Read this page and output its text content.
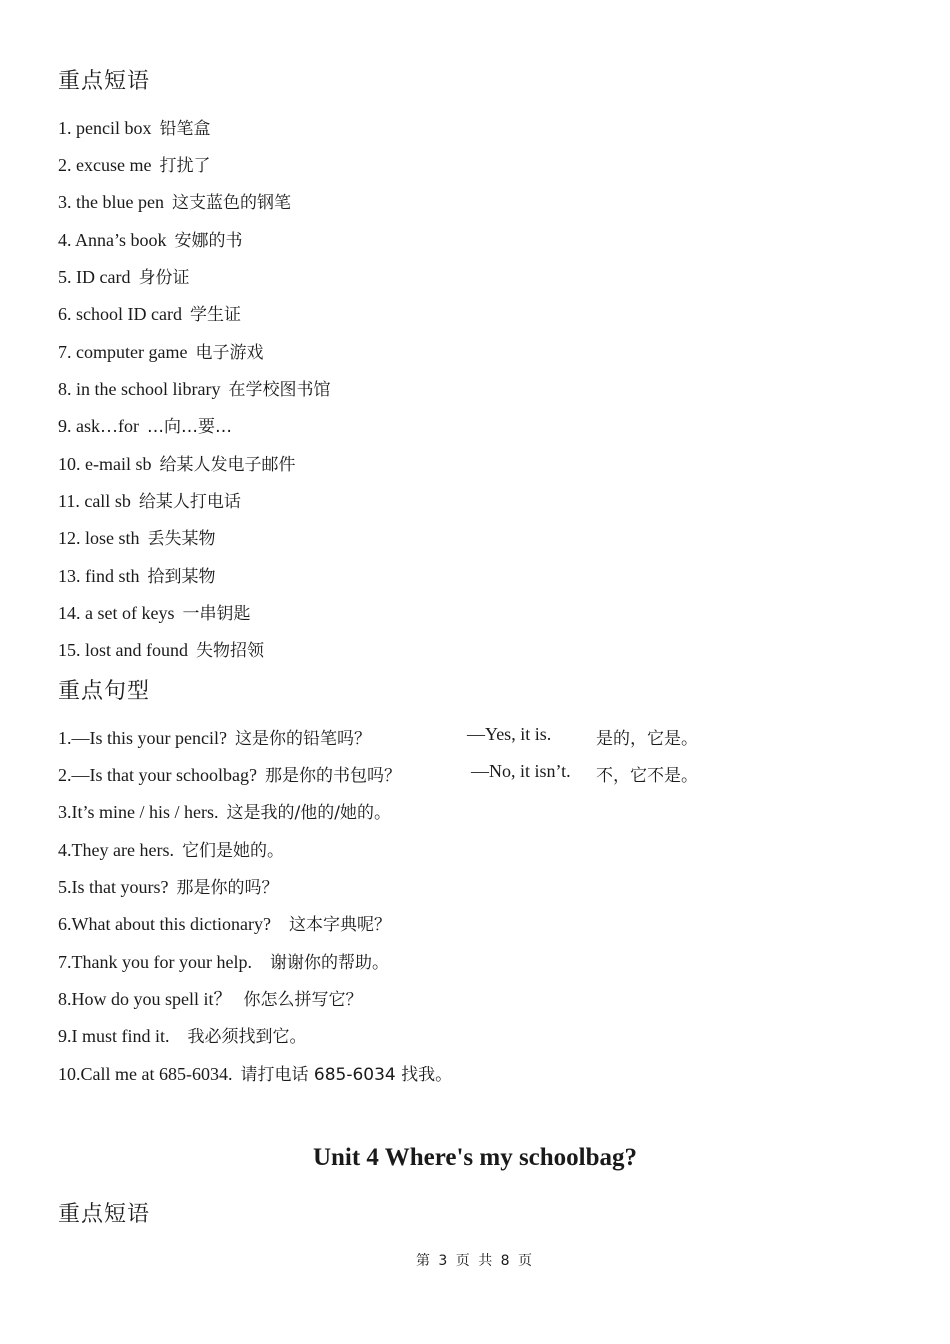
重点短语

1. pencil box 铅笔盒

2. excuse me 打扰了

3. the blue pen 这支蓝色的钢笔

4. Anna’s book 安娜的书

5. ID card 身份证

6. school ID card 学生证

7. computer game 电子游戏

8. in the school library 在学校图书馆

9. ask…for …向…要…

10. e-mail sb 给某人发电子邮件

11. call sb 给某人打电话

12. lose sth 丢失某物

13. find sth 拾到某物

14. a set of keys 一串钥匙

15. lost and found 失物招领

重点句型

1.—Is this your pencil? 这是你的铅笔吗？	—Yes, it is.	是的，它是。

2.—Is that your schoolbag? 那是你的书包吗？	—No, it isn’t. 不，它不是。

3.It’s mine / his / hers. 这是我的/他的/她的。

4.They are hers. 它们是她的。

5.Is that yours? 那是你的吗？

6.What about this dictionary? 这本字典呢？

7.Thank you for your help. 谢谢你的帮助。

8.How do you spell it？ 你怎么拼写它？

9.I must find it. 我必须找到它。

10.Call me at 685-6034. 请打电话 685-6034 找我。

Unit 4 Where's my schoolbag?
重点短语
第 3 页 共 8 页
